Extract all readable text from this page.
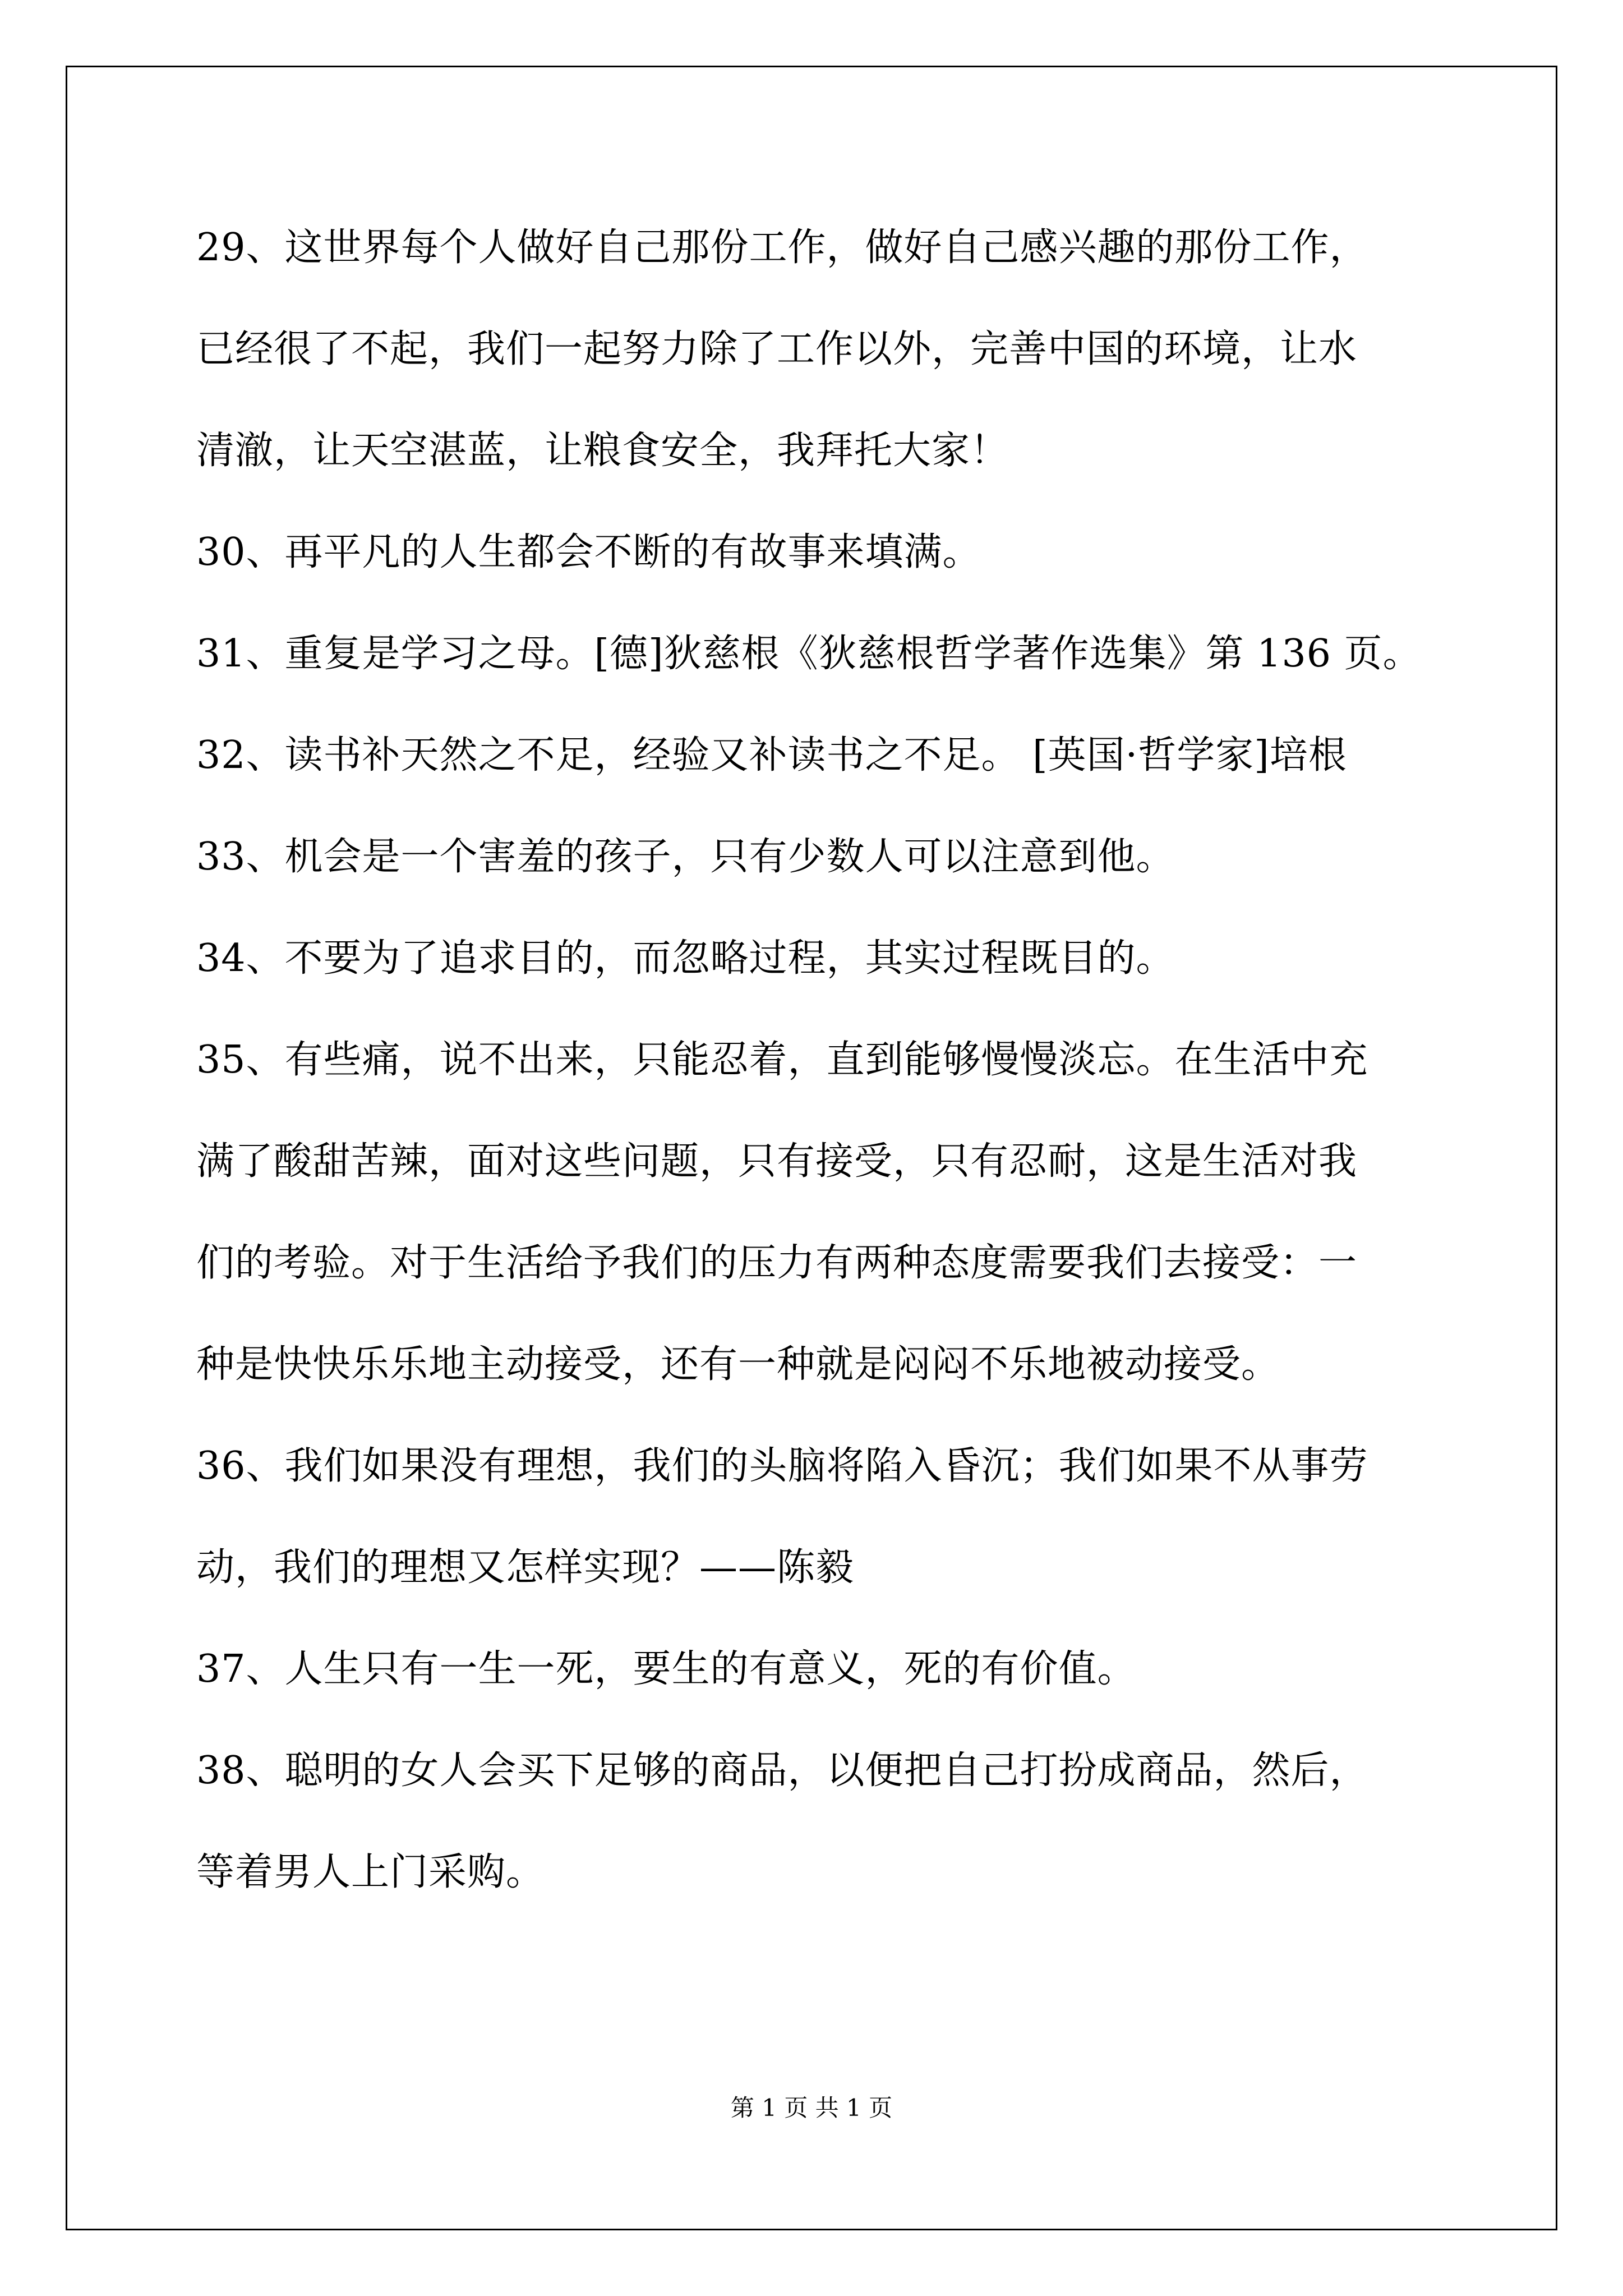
29、这世界每个人做好自己那份工作，做好自己感兴趣的那份工作，
已经很了不起，我们一起努力除了工作以外，完善中国的环境，让水
清澈，让天空湛蓝，让粮食安全，我拜托大家！
30、再平凡的人生都会不断的有故事来填满。
31、重复是学习之母。[德]狄慈根《狄慈根哲学著作选集》第 136 页。
32、读书补天然之不足，经验又补读书之不足。 [英国·哲学家]培根
33、机会是一个害羞的孩子，只有少数人可以注意到他。
34、不要为了追求目的，而忽略过程，其实过程既目的。
35、有些痛，说不出来，只能忍着，直到能够慢慢淡忘。在生活中充
满了酸甜苦辣，面对这些问题，只有接受，只有忍耐，这是生活对我
们的考验。对于生活给予我们的压力有两种态度需要我们去接受：一
种是快快乐乐地主动接受，还有一种就是闷闷不乐地被动接受。
36、我们如果没有理想，我们的头脑将陷入昏沉；我们如果不从事劳
动，我们的理想又怎样实现？——陈毅
37、人生只有一生一死，要生的有意义，死的有价值。
38、聪明的女人会买下足够的商品，以便把自己打扮成商品，然后，
等着男人上门采购。
第 1 页 共 1 页
